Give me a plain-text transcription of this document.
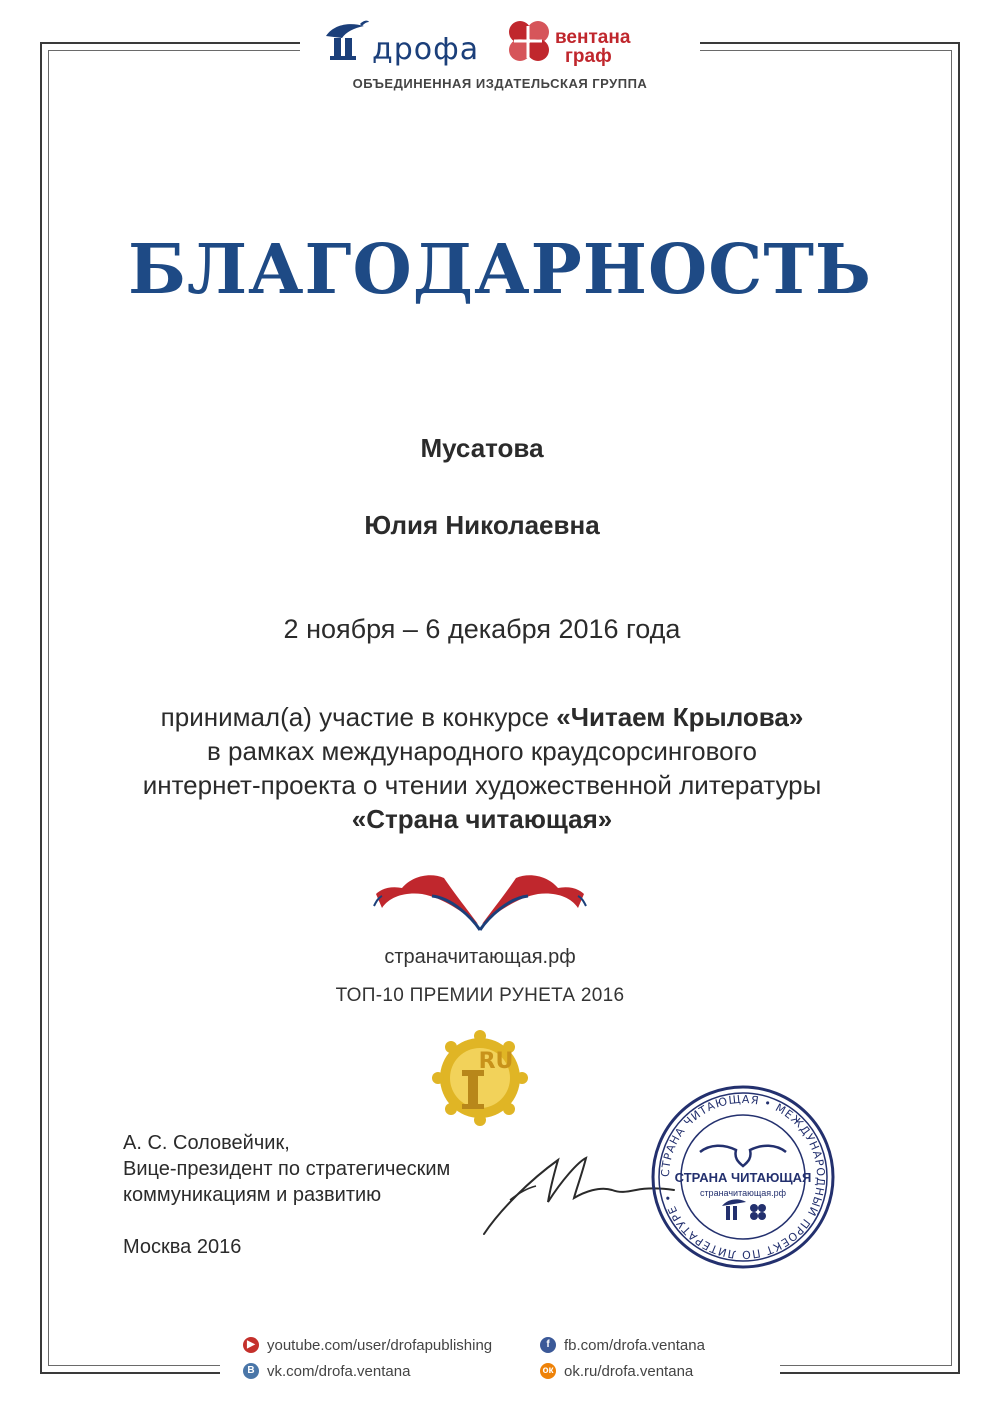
дрофа	вентана
граф
ОБЪЕДИНЕННАЯ ИЗДАТЕЛЬСКАЯ ГРУППА
БЛАГОДАРНОСТЬ
Мусатова
Юлия Николаевна
2 ноября – 6 декабря 2016 года
принимал(а) участие в конкурсе «Читаем Крылова»
в рамках международного краудсорсингового
интернет-проекта о чтении художественной литературы
«Страна читающая»
страначитающая.рф
ТОП-10 ПРЕМИИ РУНЕТА 2016
RU
А. С. Соловейчик,
Вице-президент по стратегическим
коммуникациям и развитию
Москва 2016
СТРАНА ЧИТАЮЩАЯ • МЕЖДУНАРОДНЫЙ ПРОЕКТ ПО ЛИТЕРАТУРЕ •
СТРАНА ЧИТАЮЩАЯ
страначитающая.рф
▶ youtube.com/user/drofapublishing	f fb.com/drofa.ventana
B vk.com/drofa.ventana	ок ok.ru/drofa.ventana
